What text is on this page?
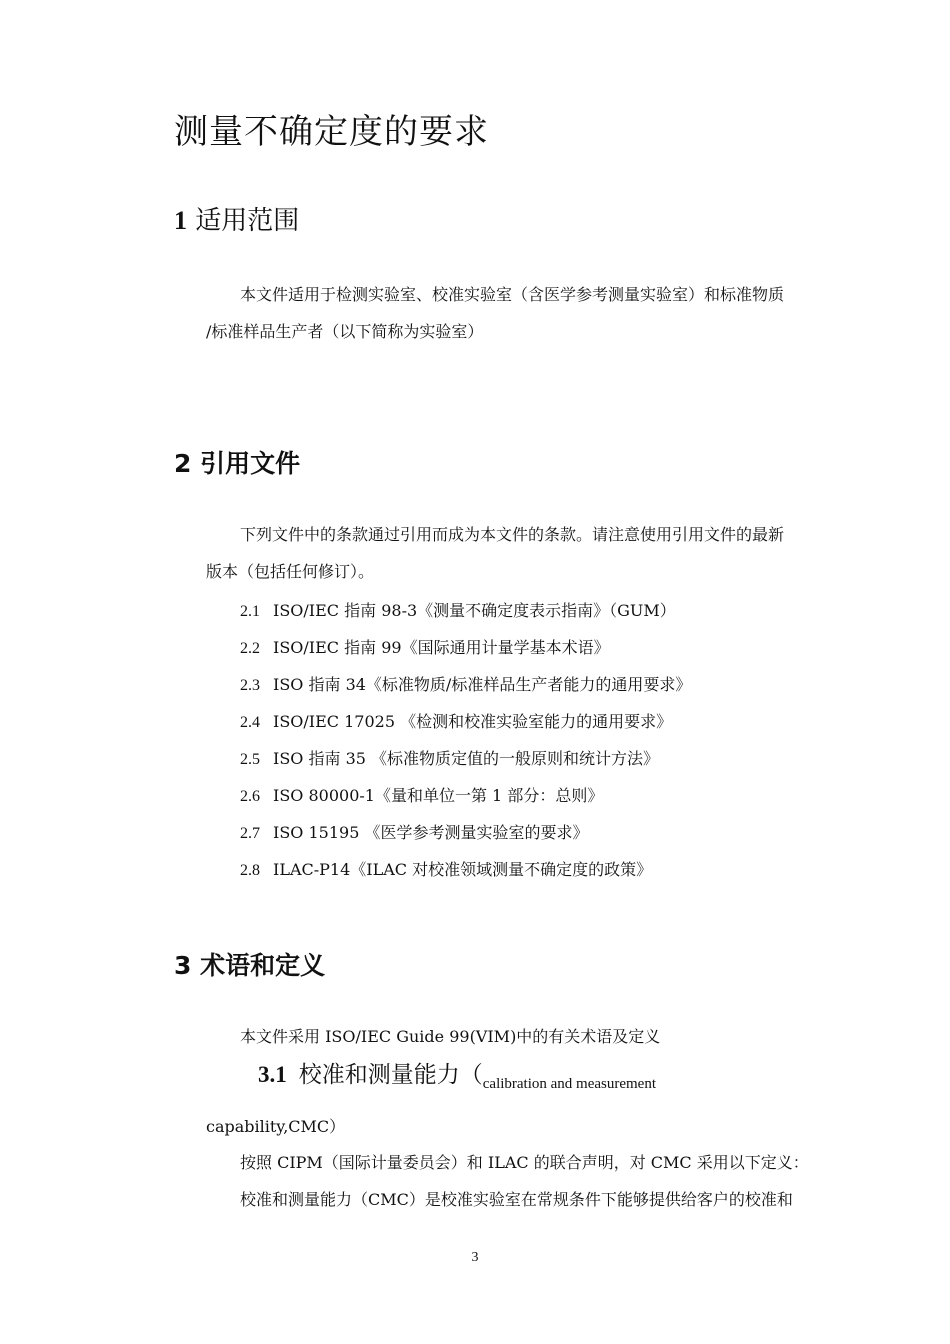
测量不确定度的要求
1 适用范围
本文件适用于检测实验室、校准实验室（含医学参考测量实验室）和标准物质
/标准样品生产者（以下简称为实验室）
2 引用文件
下列文件中的条款通过引用而成为本文件的条款。请注意使用引用文件的最新
版本（包括任何修订）。
2.1 ISO/IEC 指南 98-3《测量不确定度表示指南》（GUM）
2.2 ISO/IEC 指南 99《国际通用计量学基本术语》
2.3 ISO 指南 34《标准物质/标准样品生产者能力的通用要求》
2.4 ISO/IEC 17025 《检测和校准实验室能力的通用要求》
2.5 ISO 指南 35 《标准物质定值的一般原则和统计方法》
2.6 ISO 80000-1《量和单位一第 1 部分：总则》
2.7 ISO 15195 《医学参考测量实验室的要求》
2.8 ILAC-P14《ILAC 对校准领域测量不确定度的政策》
3 术语和定义
本文件采用 ISO/IEC Guide 99(VIM)中的有关术语及定义
3.1 校准和测量能力（$_{calibration and measurement}$
capability,CMC）
按照 CIPM（国际计量委员会）和 ILAC 的联合声明，对 CMC 采用以下定义：
校准和测量能力（CMC）是校准实验室在常规条件下能够提供给客户的校准和
3
